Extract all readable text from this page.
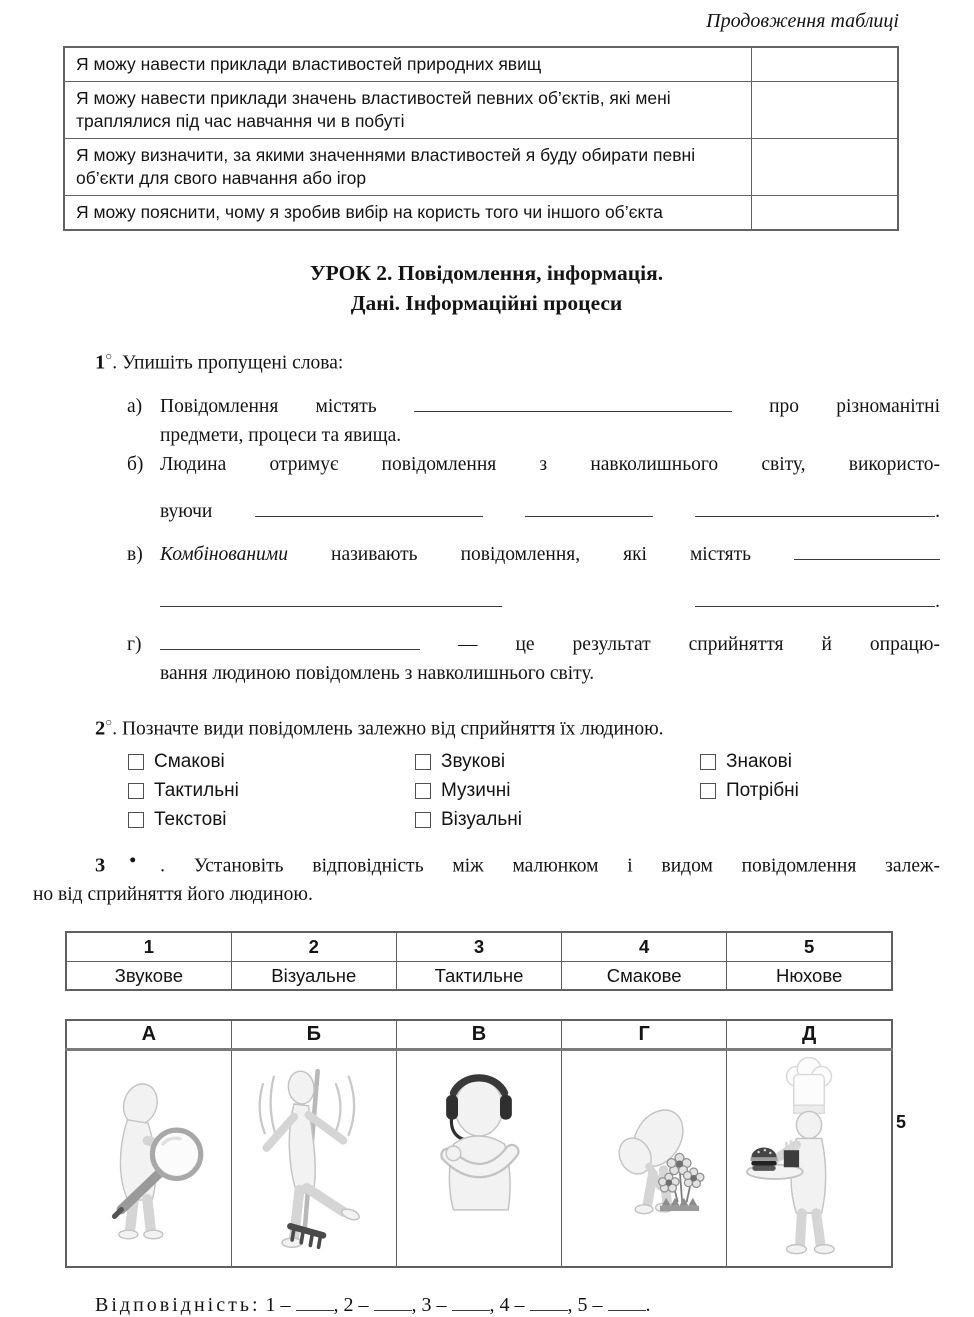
Продовження таблиці
Я можу навести приклади властивостей природних явищ	
Я можу навести приклади значень властивостей певних об’єктів, які мені траплялися під час навчання чи в побуті	
Я можу визначити, за якими значеннями властивостей я буду обирати певні об’єкти для свого навчання або ігор	
Я можу пояснити, чому я зробив вибір на користь того чи іншого об’єкта	
УРОК 2. Повідомлення, інформація.
Дані. Інформаційні процеси
1○. Упишіть пропущені слова:
а) Повідомлення містять	про різноманітні
предмети, процеси та явища.
б) Людина отримує повідомлення з навколишнього світу, використо-
вуючи	.
в) Комбінованими називають повідомлення, які містять
.
г)	— це результат сприйняття й опрацю-
вання людиною повідомлень з навколишнього світу.
2○. Позначте види повідомлень залежно від сприйняття їх людиною.
Смакові
Тактильні
Текстові
Звукові
Музичні
Візуальні
Знакові
Потрібні
3●. Установіть відповідність між малюнком і видом повідомлення залеж-
но від сприйняття його людиною.
1	2	3	4	5
Звукове	Візуальне	Тактильне	Смакове	Нюхове
А	Б	В	Г	Д

5
Відповідність: 1 – , 2 – , 3 – , 4 – , 5 – .
